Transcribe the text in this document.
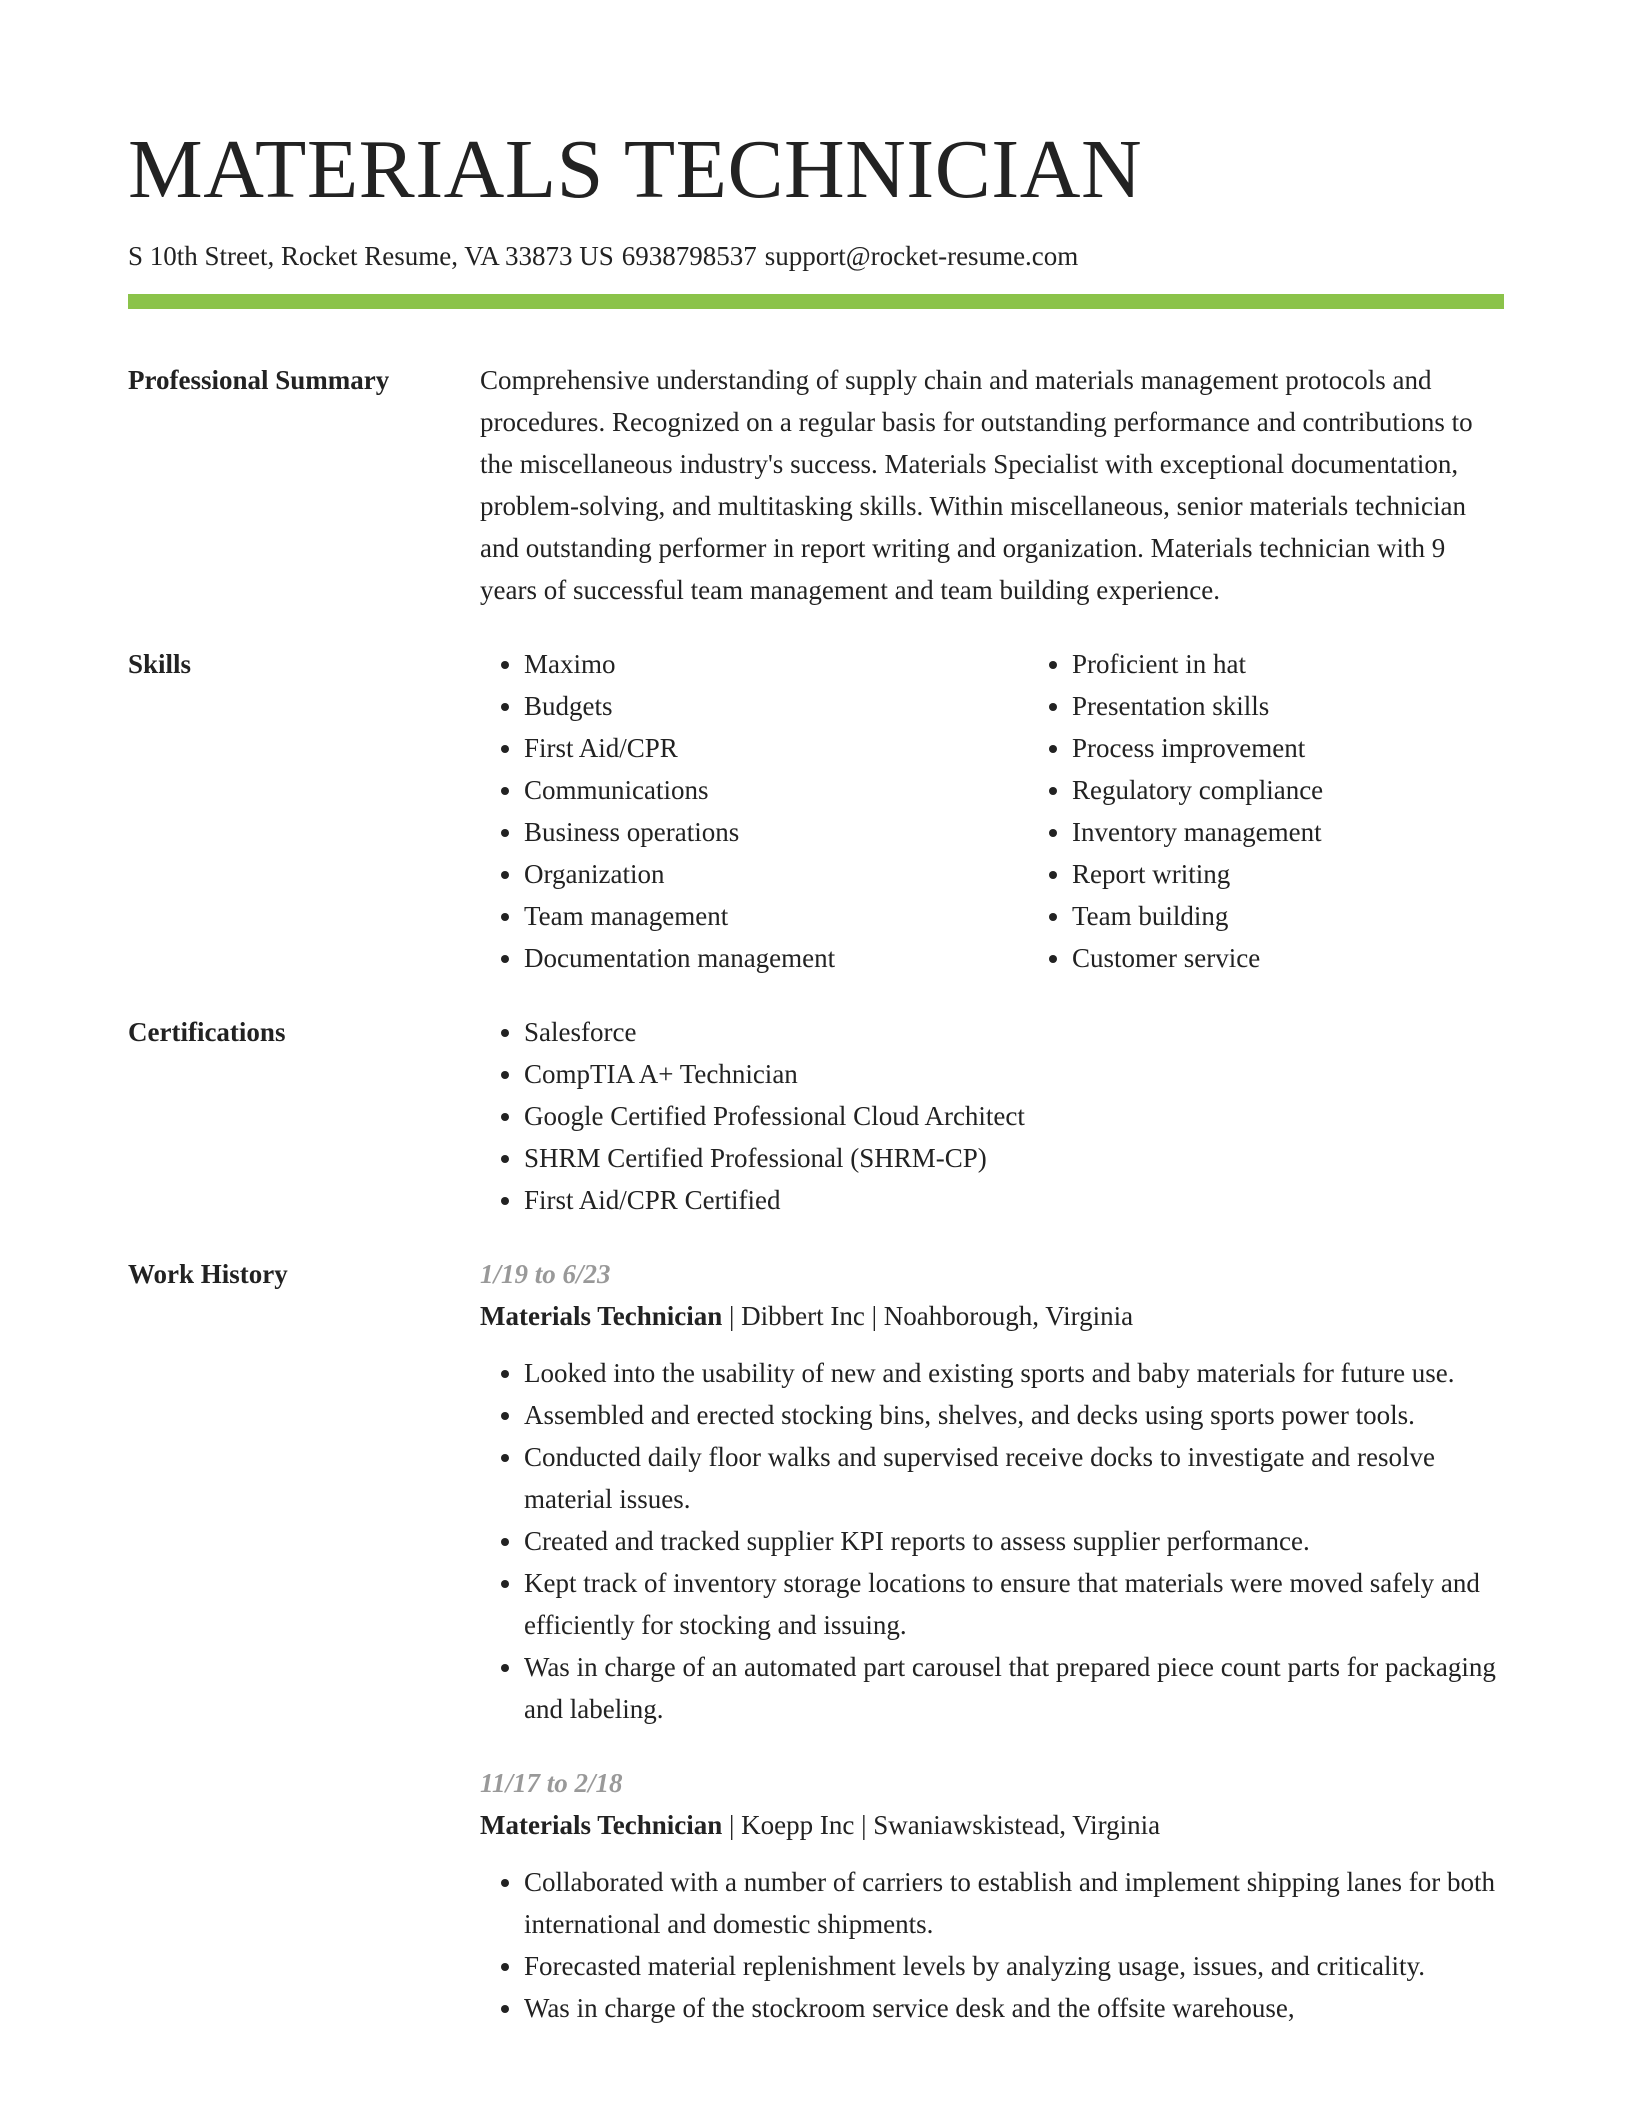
MATERIALS TECHNICIAN
S 10th Street, Rocket Resume, VA 33873 US 6938798537 support@rocket-resume.com
Professional Summary	Comprehensive understanding of supply chain and materials management protocols and procedures. Recognized on a regular basis for outstanding performance and contributions to the miscellaneous industry's success. Materials Specialist with exceptional documentation, problem-solving, and multitasking skills. Within miscellaneous, senior materials technician and outstanding performer in report writing and organization. Materials technician with 9 years of successful team management and team building experience.

Skills	• Maximo
• Budgets
• First Aid/CPR
• Communications
• Business operations
• Organization
• Team management
• Documentation management
• Proficient in hat
• Presentation skills
• Process improvement
• Regulatory compliance
• Inventory management
• Report writing
• Team building
• Customer service
Certifications	• Salesforce
• CompTIA A+ Technician
• Google Certified Professional Cloud Architect
• SHRM Certified Professional (SHRM-CP)
• First Aid/CPR Certified
Work History	1/19 to 6/23
Materials Technician | Dibbert Inc | Noahborough, Virginia
• Looked into the usability of new and existing sports and baby materials for future use.
• Assembled and erected stocking bins, shelves, and decks using sports power tools.
• Conducted daily floor walks and supervised receive docks to investigate and resolve material issues.
• Created and tracked supplier KPI reports to assess supplier performance.
• Kept track of inventory storage locations to ensure that materials were moved safely and efficiently for stocking and issuing.
• Was in charge of an automated part carousel that prepared piece count parts for packaging and labeling.
11/17 to 2/18
Materials Technician | Koepp Inc | Swaniawskistead, Virginia
• Collaborated with a number of carriers to establish and implement shipping lanes for both international and domestic shipments.
• Forecasted material replenishment levels by analyzing usage, issues, and criticality.
• Was in charge of the stockroom service desk and the offsite warehouse,
